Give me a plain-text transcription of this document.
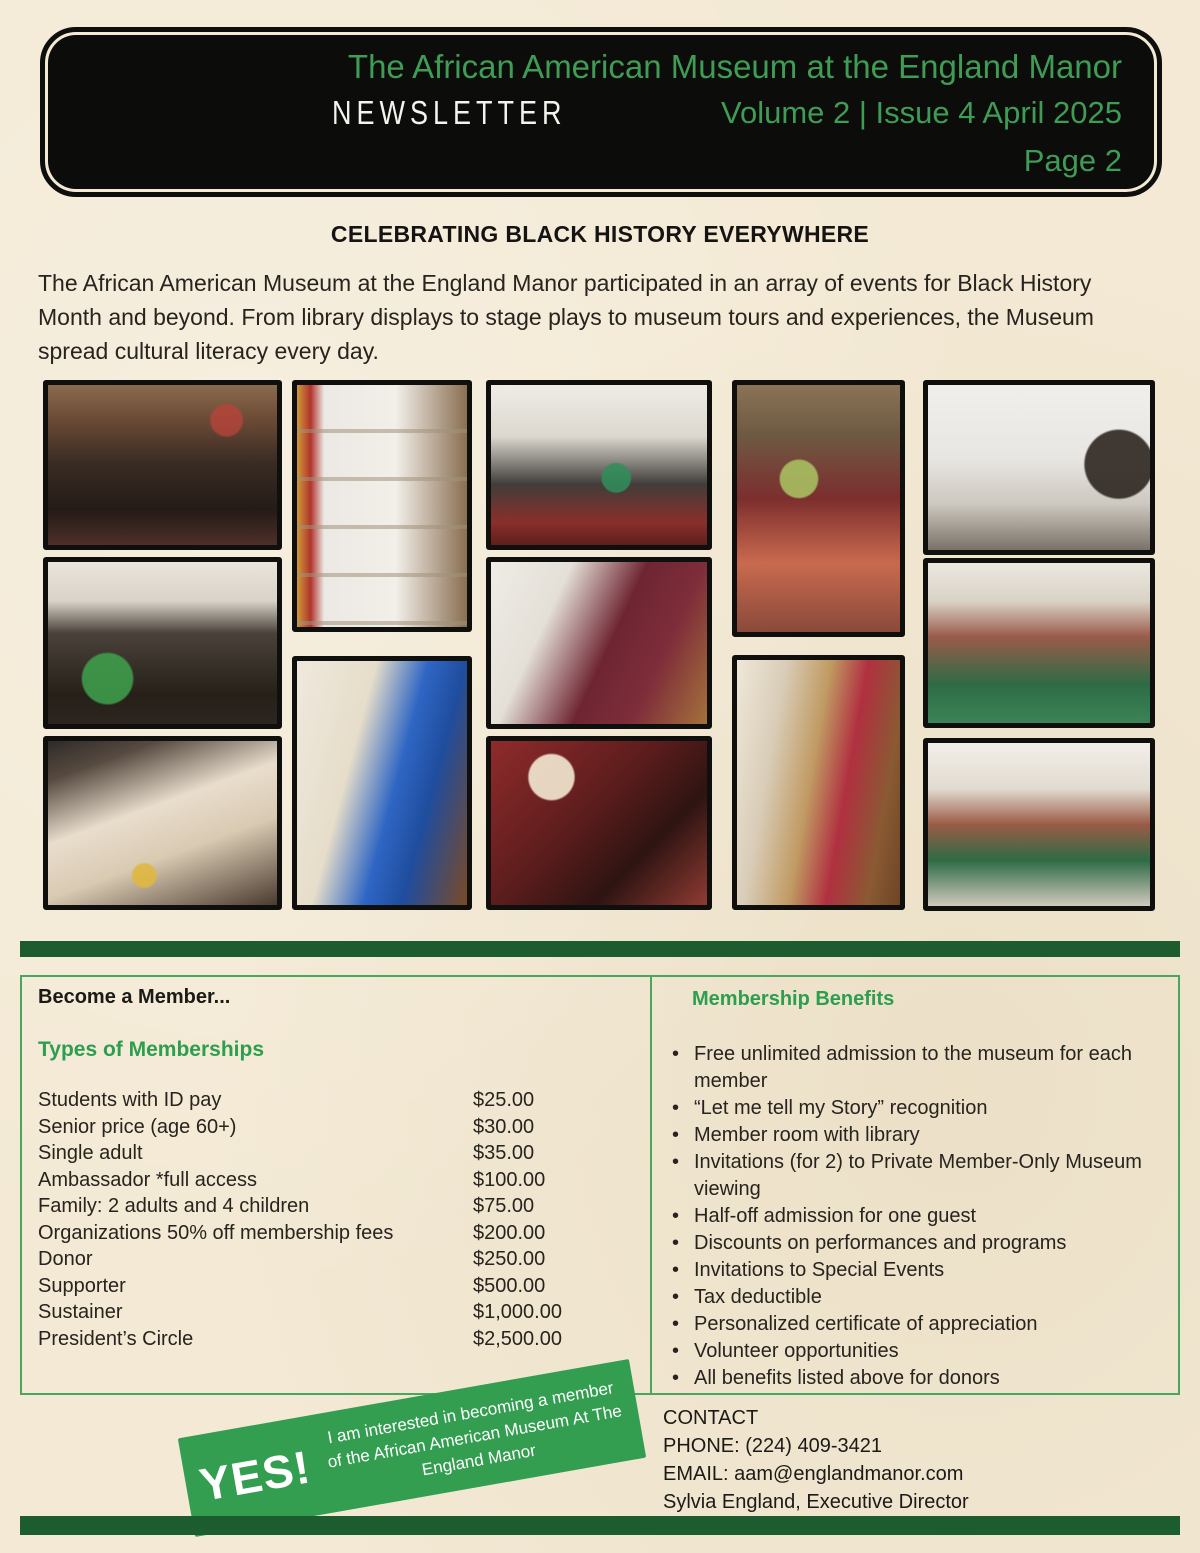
The African American Museum at the England Manor
NEWSLETTER	Volume 2 | Issue 4 April 2025
Page 2
CELEBRATING BLACK HISTORY EVERYWHERE
The African American Museum at the England Manor participated in an array of events for Black History Month and beyond. From library displays to stage plays to museum tours and experiences, the Museum spread cultural literacy every day.
Become a Member...
Types of Memberships
Students with ID pay	$25.00
Senior price (age 60+)	$30.00
Single adult	$35.00
Ambassador *full access	$100.00
Family: 2 adults and 4 children	$75.00
Organizations 50% off membership fees	$200.00
Donor	$250.00
Supporter	$500.00
Sustainer	$1,000.00
President’s Circle	$2,500.00
Membership Benefits
• Free unlimited admission to the museum for each member
• “Let me tell my Story” recognition
• Member room with library
• Invitations (for 2) to Private Member-Only Museum viewing
• Half-off admission for one guest
• Discounts on performances and programs
• Invitations to Special Events
• Tax deductible
• Personalized certificate of appreciation
• Volunteer opportunities
• All benefits listed above for donors
YES!
I am interested in becoming a member of the African American Museum At The England Manor
CONTACT
PHONE: (224) 409-3421
EMAIL: aam@englandmanor.com
Sylvia England, Executive Director
